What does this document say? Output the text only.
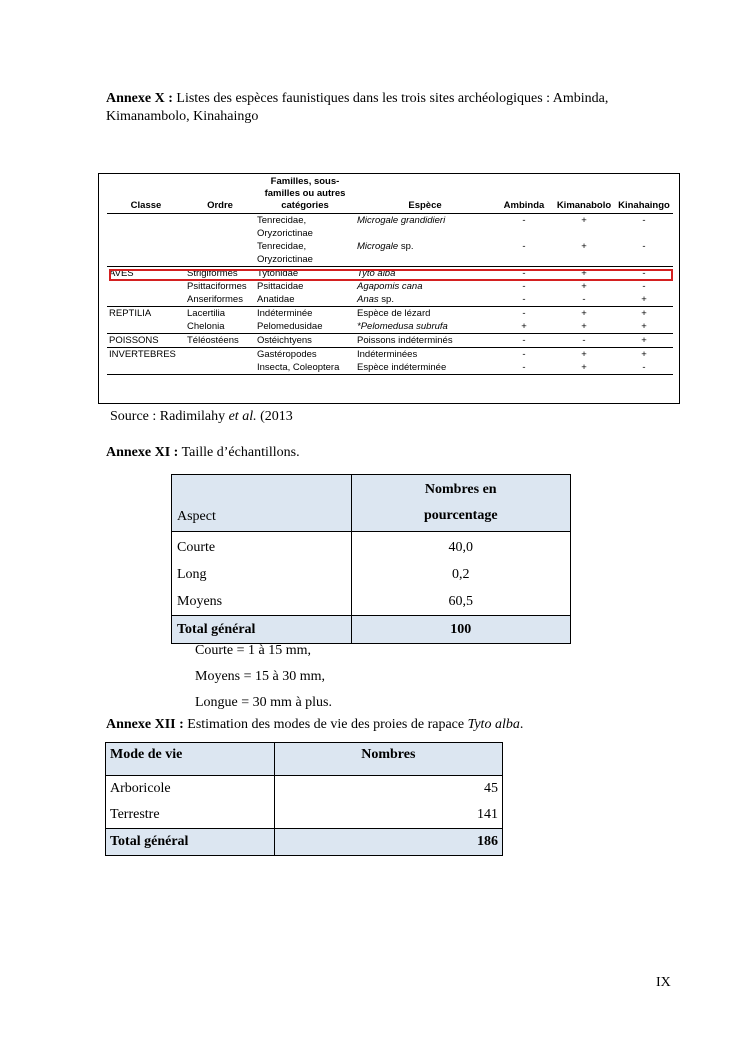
Annexe X : Listes des espèces faunistiques dans les trois sites archéologiques : Ambinda,
Kimanambolo, Kinahaingo
Classe	Ordre	Familles, sous-
familles ou autres
catégories	Espèce	Ambinda	Kimanabolo	Kinahaingo
		Tenrecidae,	Microgale grandidieri	-	+	-
		Oryzorictinae				
		Tenrecidae,	Microgale sp.	-	+	-
		Oryzorictinae				
AVES	Strigiformes	Tytonidae	Tyto alba	-	+	-
	Psittaciformes	Psittacidae	Agapomis cana	-	+	-
	Anseriformes	Anatidae	Anas sp.	-	-	+
REPTILIA	Lacertilia	Indéterminée	Espèce de lézard	-	+	+
	Chelonia	Pelomedusidae	*Pelomedusa subrufa	+	+	+
POISSONS	Téléostéens	Ostéichtyens	Poissons indéterminés	-	-	+
INVERTEBRES		Gastéropodes	Indéterminées	-	+	+
		Insecta, Coleoptera	Espèce indéterminée	-	+	-
Source : Radimilahy et al. (2013
Annexe XI : Taille d’échantillons.
Aspect	Nombres en
pourcentage
Courte	40,0
Long	0,2
Moyens	60,5
Total général	100
Courte = 1 à 15 mm,
Moyens = 15 à 30 mm,
Longue = 30 mm à plus.
Annexe XII : Estimation des modes de vie des proies de rapace Tyto alba.
Mode de vie	Nombres
Arboricole	45
Terrestre	141
Total général	186
IX
